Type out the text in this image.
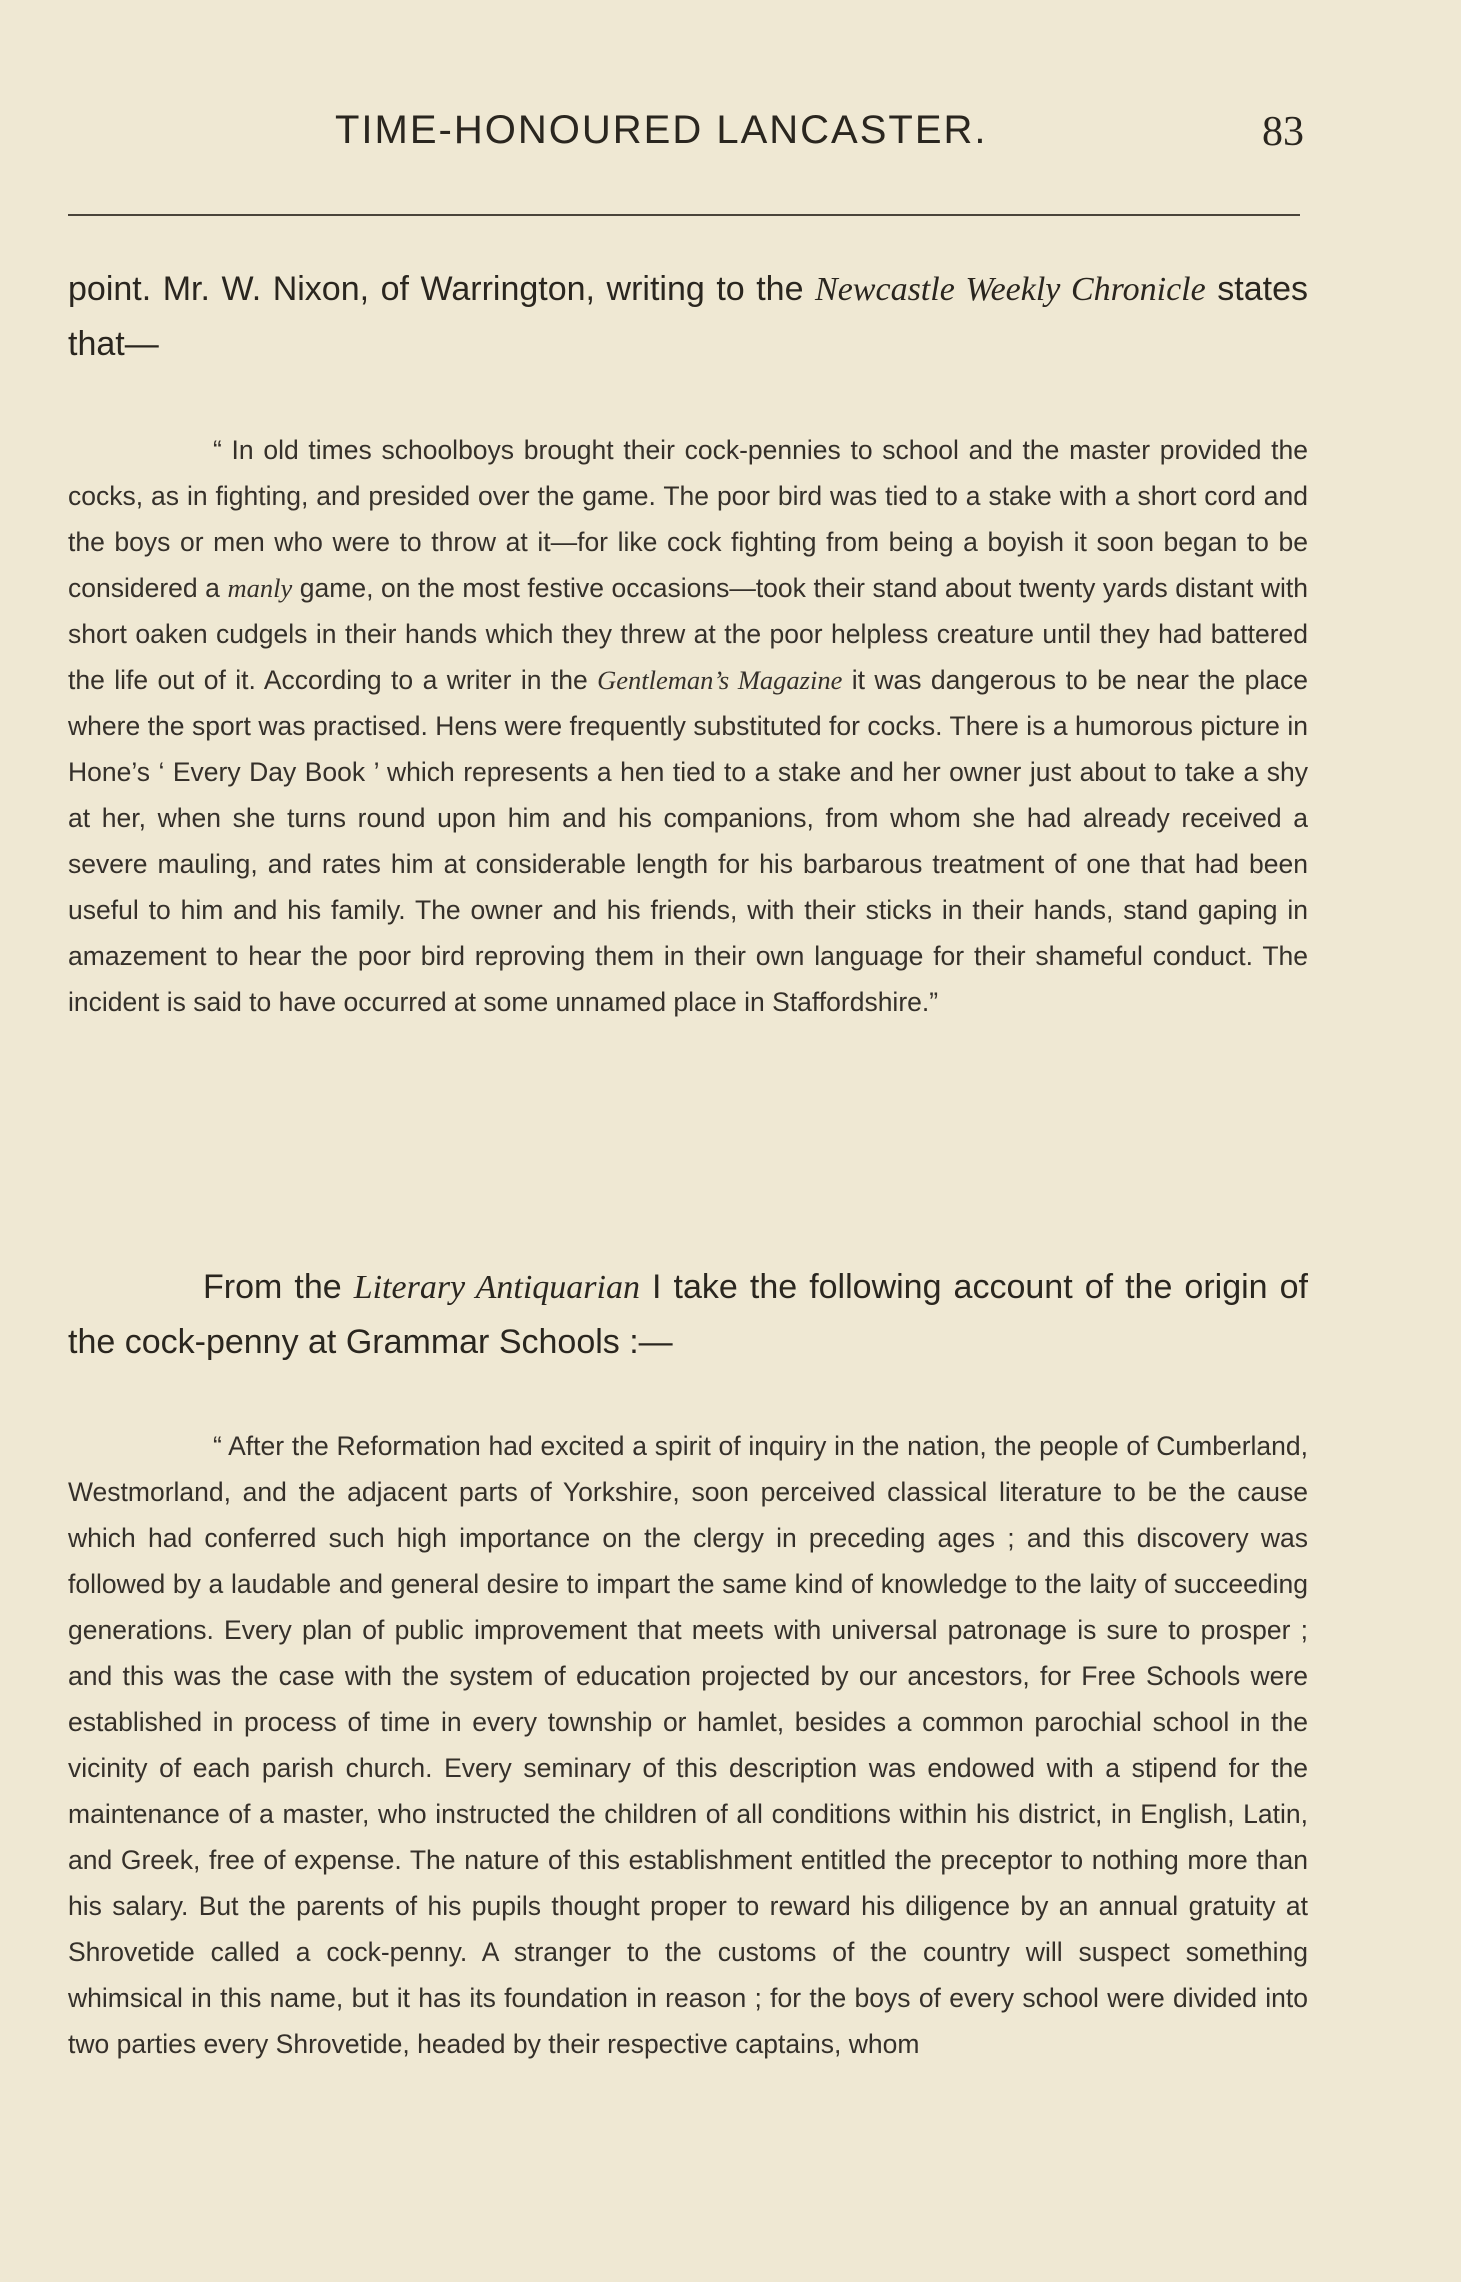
TIME-HONOURED LANCASTER.	83

point. Mr. W. Nixon, of Warrington, writing to the Newcastle Weekly Chronicle states that—

“ In old times schoolboys brought their cock-pennies to school and the master provided the cocks, as in fighting, and presided over the game. The poor bird was tied to a stake with a short cord and the boys or men who were to throw at it—for like cock fighting from being a boyish it soon began to be considered a manly game, on the most festive occasions—took their stand about twenty yards distant with short oaken cudgels in their hands which they threw at the poor helpless creature until they had battered the life out of it. According to a writer in the Gentleman’s Magazine it was dangerous to be near the place where the sport was practised. Hens were frequently substituted for cocks. There is a humorous picture in Hone’s ‘ Every Day Book ’ which represents a hen tied to a stake and her owner just about to take a shy at her, when she turns round upon him and his companions, from whom she had already received a severe mauling, and rates him at considerable length for his barbarous treatment of one that had been useful to him and his family. The owner and his friends, with their sticks in their hands, stand gaping in amazement to hear the poor bird reproving them in their own language for their shameful conduct. The incident is said to have occurred at some unnamed place in Staffordshire.”

From the Literary Antiquarian I take the following account of the origin of the cock-penny at Grammar Schools :—

“ After the Reformation had excited a spirit of inquiry in the nation, the people of Cumberland, Westmorland, and the adjacent parts of Yorkshire, soon perceived classical literature to be the cause which had conferred such high importance on the clergy in preceding ages ; and this discovery was followed by a laudable and general desire to impart the same kind of knowledge to the laity of succeeding generations. Every plan of public improvement that meets with universal patronage is sure to prosper ; and this was the case with the system of education projected by our ancestors, for Free Schools were established in process of time in every township or hamlet, besides a common parochial school in the vicinity of each parish church. Every seminary of this description was endowed with a stipend for the maintenance of a master, who instructed the children of all conditions within his district, in English, Latin, and Greek, free of expense. The nature of this establishment entitled the preceptor to nothing more than his salary. But the parents of his pupils thought proper to reward his diligence by an annual gratuity at Shrovetide called a cock-penny. A stranger to the customs of the country will suspect something whimsical in this name, but it has its foundation in reason ; for the boys of every school were divided into two parties every Shrovetide, headed by their respective captains, whom
